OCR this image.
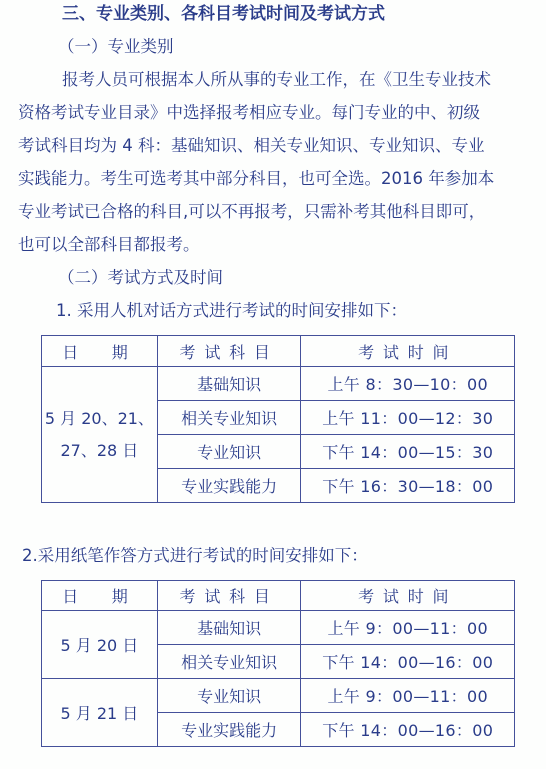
三、专业类别、各科目考试时间及考试方式
（一）专业类别
报考人员可根据本人所从事的专业工作，在《卫生专业技术
资格考试专业目录》中选择报考相应专业。每门专业的中、初级
考试科目均为 4 科：基础知识、相关专业知识、专业知识、专业
实践能力。考生可选考其中部分科目，也可全选。2016 年参加本
专业考试已合格的科目,可以不再报考，只需补考其他科目即可，
也可以全部科目都报考。
（二）考试方式及时间
1. 采用人机对话方式进行考试的时间安排如下：
日　期	考试科目	考试时间

5 月 20、21、
27、28 日	基础知识	上午 8：30—10：00
	相关专业知识	上午 11：00—12：30
	专业知识	下午 14：00—15：30
	专业实践能力	下午 16：30—18：00
2.采用纸笔作答方式进行考试的时间安排如下：
日　期	考试科目	考试时间
5 月 20 日	基础知识	上午 9：00—11：00
	相关专业知识	下午 14：00—16：00
5 月 21 日	专业知识	上午 9：00—11：00
	专业实践能力	下午 14：00—16：00
